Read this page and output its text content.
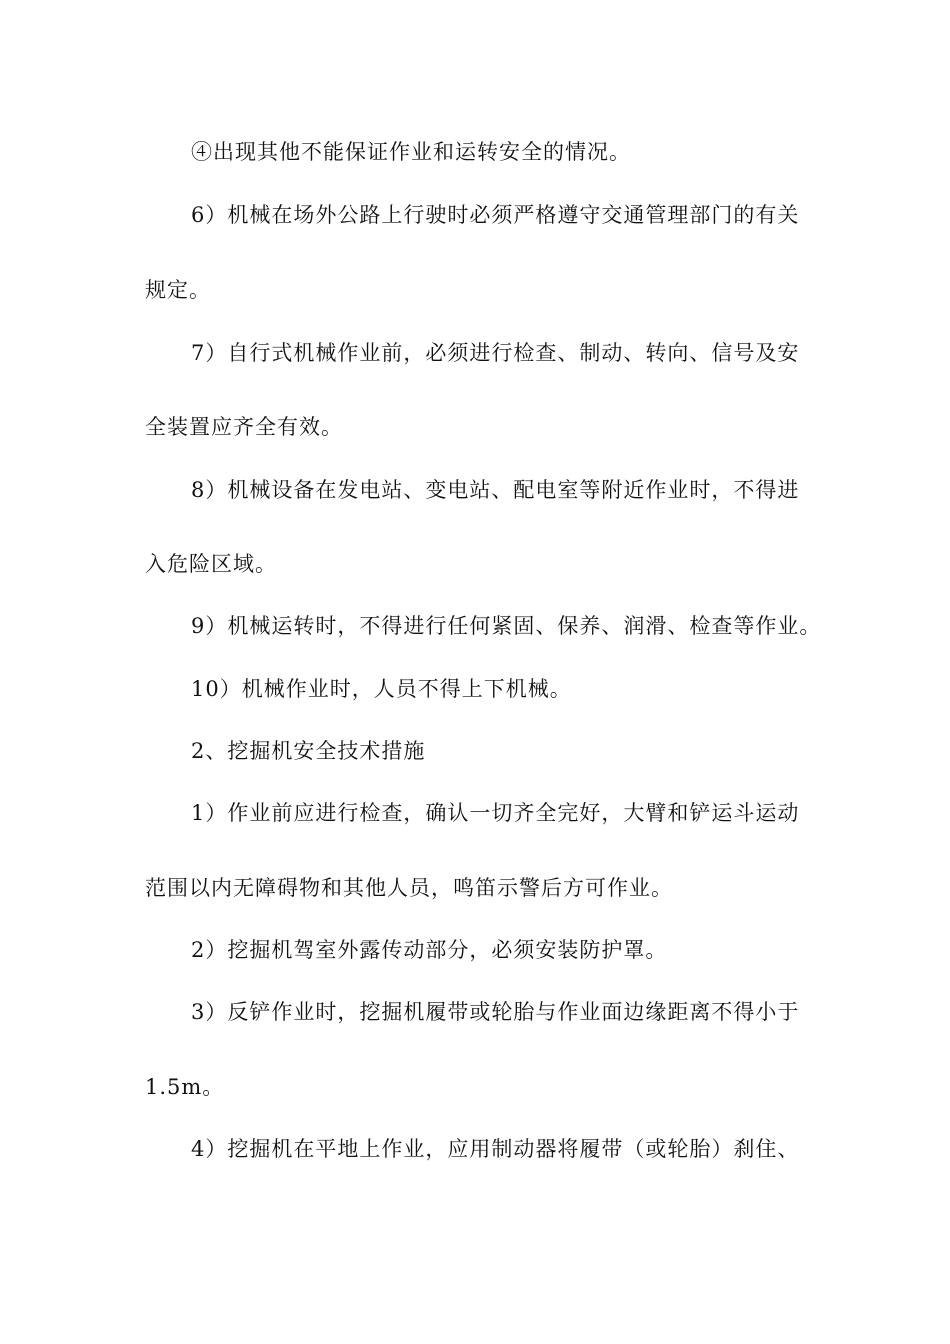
④出现其他不能保证作业和运转安全的情况。
6）机械在场外公路上行驶时必须严格遵守交通管理部门的有关
规定。
7）自行式机械作业前，必须进行检查、制动、转向、信号及安
全装置应齐全有效。
8）机械设备在发电站、变电站、配电室等附近作业时，不得进
入危险区域。
9）机械运转时，不得进行任何紧固、保养、润滑、检查等作业。
10）机械作业时，人员不得上下机械。
2、挖掘机安全技术措施
1）作业前应进行检查，确认一切齐全完好，大臂和铲运斗运动
范围以内无障碍物和其他人员，鸣笛示警后方可作业。
2）挖掘机驾室外露传动部分，必须安装防护罩。
3）反铲作业时，挖掘机履带或轮胎与作业面边缘距离不得小于
1.5m。
4）挖掘机在平地上作业，应用制动器将履带（或轮胎）刹住、
